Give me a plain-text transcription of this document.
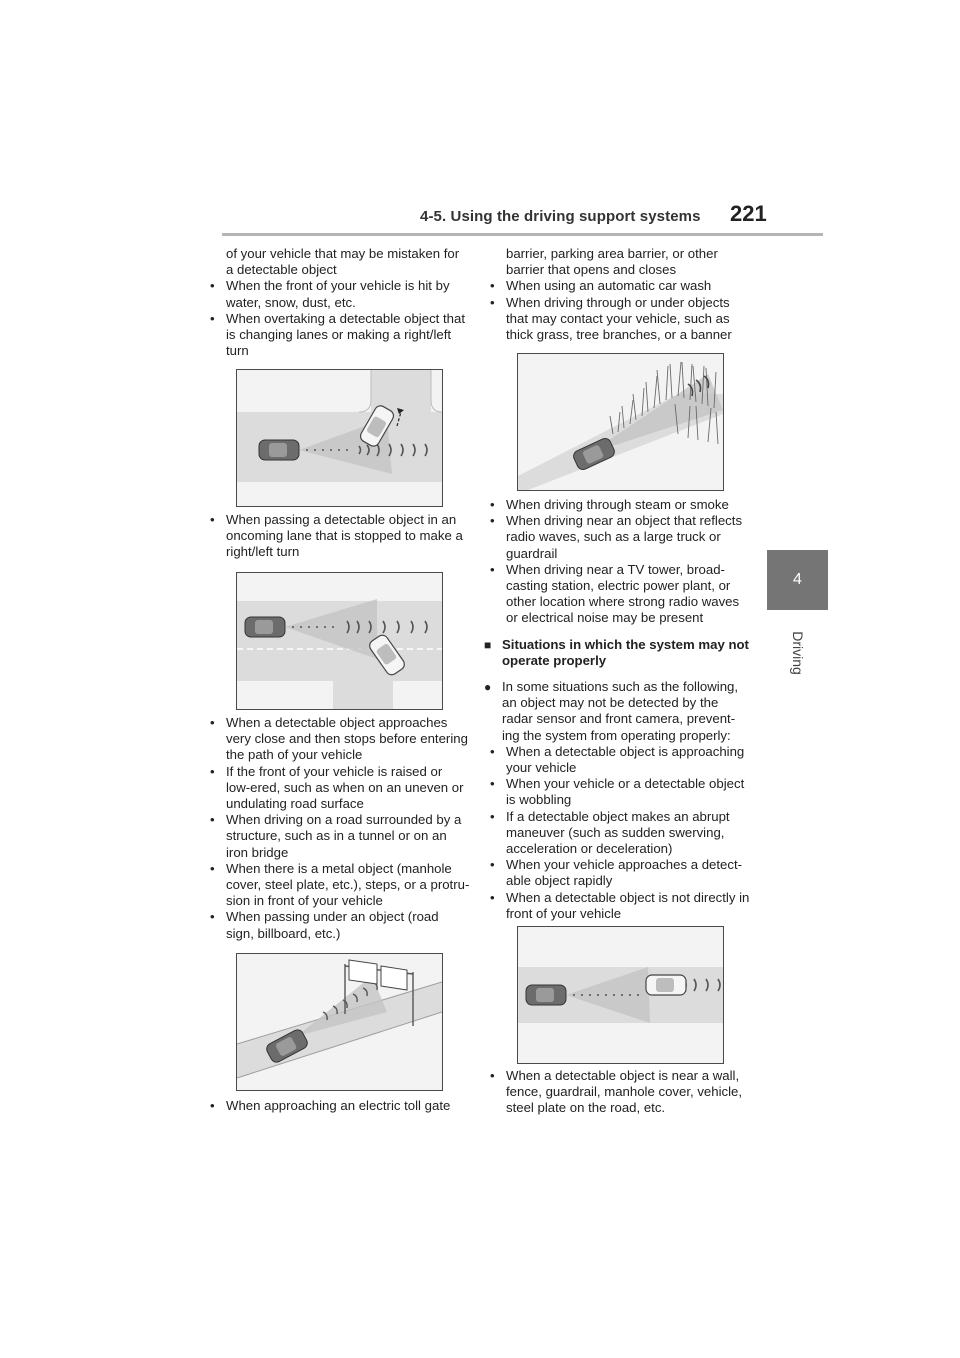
4-5. Using the driving support systems 221
4
Driving

of your vehicle that may be mistaken for a detectable object

• When the front of your vehicle is hit by water, snow, dust, etc.
• When overtaking a detectable object that is changing lanes or making a right/left turn
• When passing a detectable object in an oncoming lane that is stopped to make a right/left turn
• When a detectable object approaches very close and then stops before entering the path of your vehicle
• If the front of your vehicle is raised or low-ered, such as when on an uneven or undulating road surface
• When driving on a road surrounded by a structure, such as in a tunnel or on an iron bridge
• When there is a metal object (manhole cover, steel plate, etc.), steps, or a protru-sion in front of your vehicle
• When passing under an object (road sign, billboard, etc.)
• When approaching an electric toll gate

barrier, parking area barrier, or other barrier that opens and closes

• When using an automatic car wash
• When driving through or under objects that may contact your vehicle, such as thick grass, tree branches, or a banner
• When driving through steam or smoke
• When driving near an object that reflects radio waves, such as a large truck or guardrail
• When driving near a TV tower, broad-casting station, electric power plant, or other location where strong radio waves or electrical noise may be present

■ Situations in which the system may not operate properly

● In some situations such as the following, an object may not be detected by the radar sensor and front camera, prevent-ing the system from operating properly:

• When a detectable object is approaching your vehicle
• When your vehicle or a detectable object is wobbling
• If a detectable object makes an abrupt maneuver (such as sudden swerving, acceleration or deceleration)
• When your vehicle approaches a detect-able object rapidly
• When a detectable object is not directly in front of your vehicle
• When a detectable object is near a wall, fence, guardrail, manhole cover, vehicle, steel plate on the road, etc.
